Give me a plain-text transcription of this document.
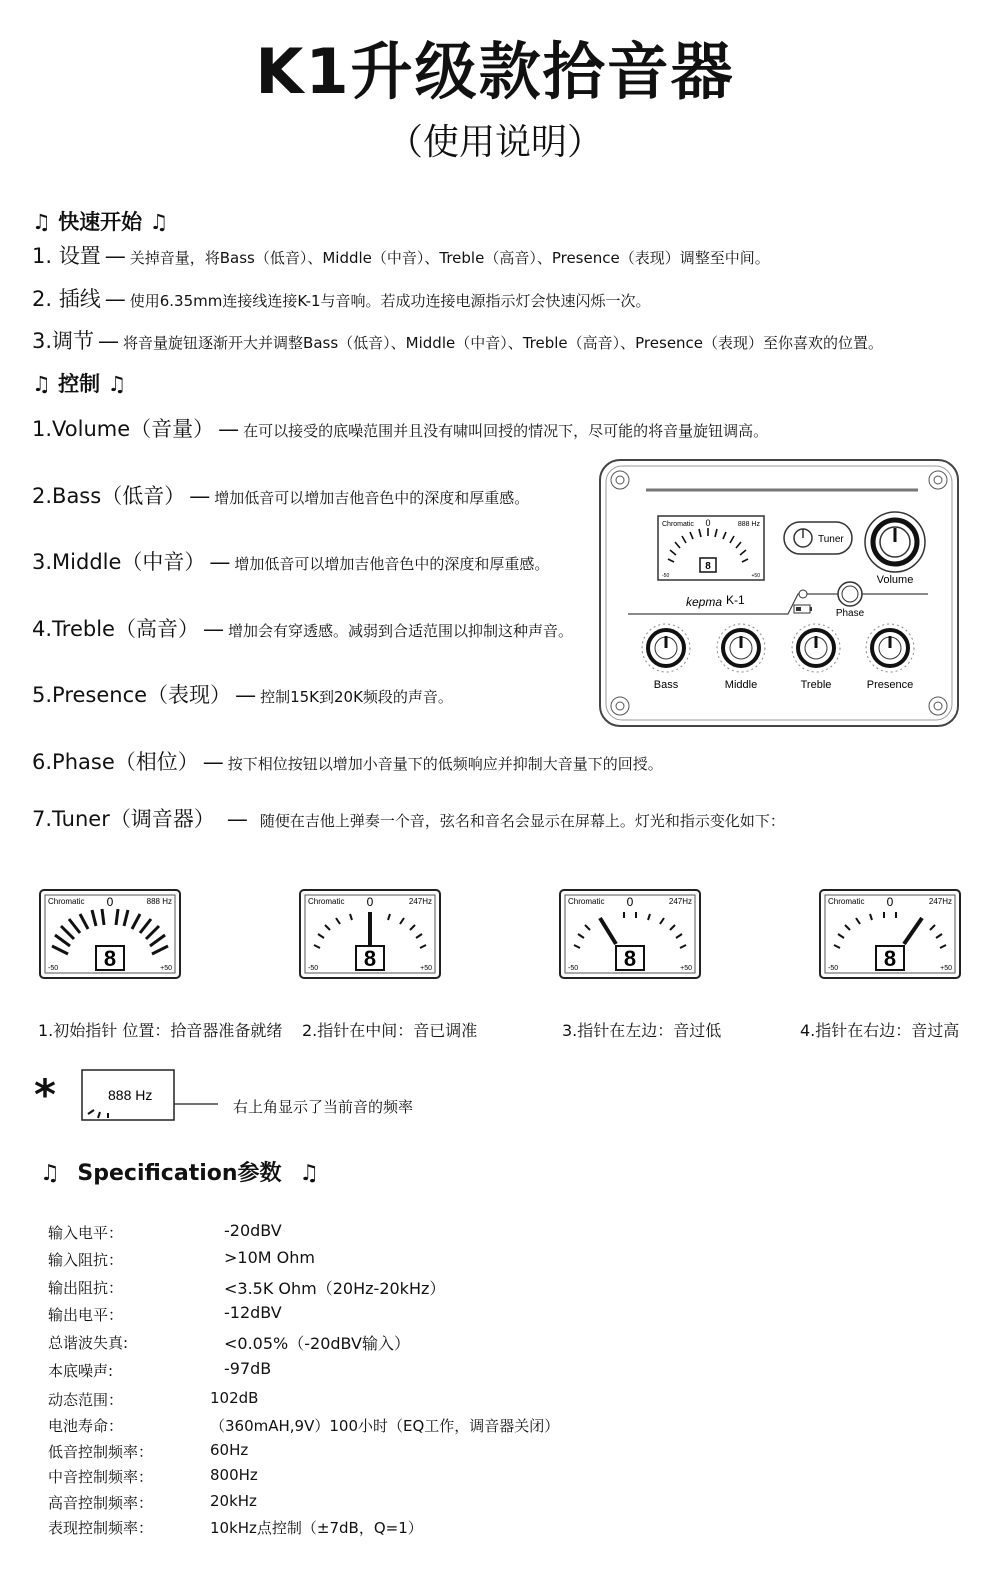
K1升级款拾音器
（使用说明）
♫ 快速开始 ♫
1. 设置 — 关掉音量，将Bass（低音）、Middle（中音）、Treble（高音）、Presence（表现）调整至中间。
2. 插线 — 使用6.35mm连接线连接K-1与音响。若成功连接电源指示灯会快速闪烁一次。
3.调节 — 将音量旋钮逐渐开大并调整Bass（低音）、Middle（中音）、Treble（高音）、Presence（表现）至你喜欢的位置。
♫ 控制 ♫
1.Volume（音量） — 在可以接受的底噪范围并且没有啸叫回授的情况下，尽可能的将音量旋钮调高。
2.Bass（低音） — 增加低音可以增加吉他音色中的深度和厚重感。
3.Middle（中音） — 增加低音可以增加吉他音色中的深度和厚重感。
4.Treble（高音） — 增加会有穿透感。减弱到合适范围以抑制这种声音。
5.Presence（表现） — 控制15K到20K频段的声音。
6.Phase（相位） — 按下相位按钮以增加小音量下的低频响应并抑制大音量下的回授。
7.Tuner（调音器） — 随便在吉他上弹奏一个音，弦名和音名会显示在屏幕上。灯光和指示变化如下：
Chromatic 0	888 Hz
8
-50	+50
Tuner
Volume
kepma K-1
Phase
Bass	Middle	Treble	Presence
Chromatic 0	888 Hz
8
-50	+50
Chromatic 0	247Hz
8
-50	+50
Chromatic 0	247Hz
8
-50	+50
Chromatic 0	247Hz
8
-50	+50
1.初始指针 位置：拾音器准备就绪 2.指针在中间：音已调准	3.指针在左边：音过低	4.指针在右边：音过高
*	888 Hz
右上角显示了当前音的频率
♫ Specification参数 ♫
输入电平：	-20dBV
输入阻抗：	>10M Ohm
输出阻抗：	<3.5K Ohm（20Hz-20kHz）
输出电平：	-12dBV
总谐波失真:	<0.05%（-20dBV输入）
本底噪声:	-97dB
动态范围：	102dB
电池寿命：	（360mAH,9V）100小时（EQ工作，调音器关闭）
低音控制频率：	60Hz
中音控制频率：	800Hz
高音控制频率：	20kHz
表现控制频率：	10kHz点控制（±7dB，Q=1）
